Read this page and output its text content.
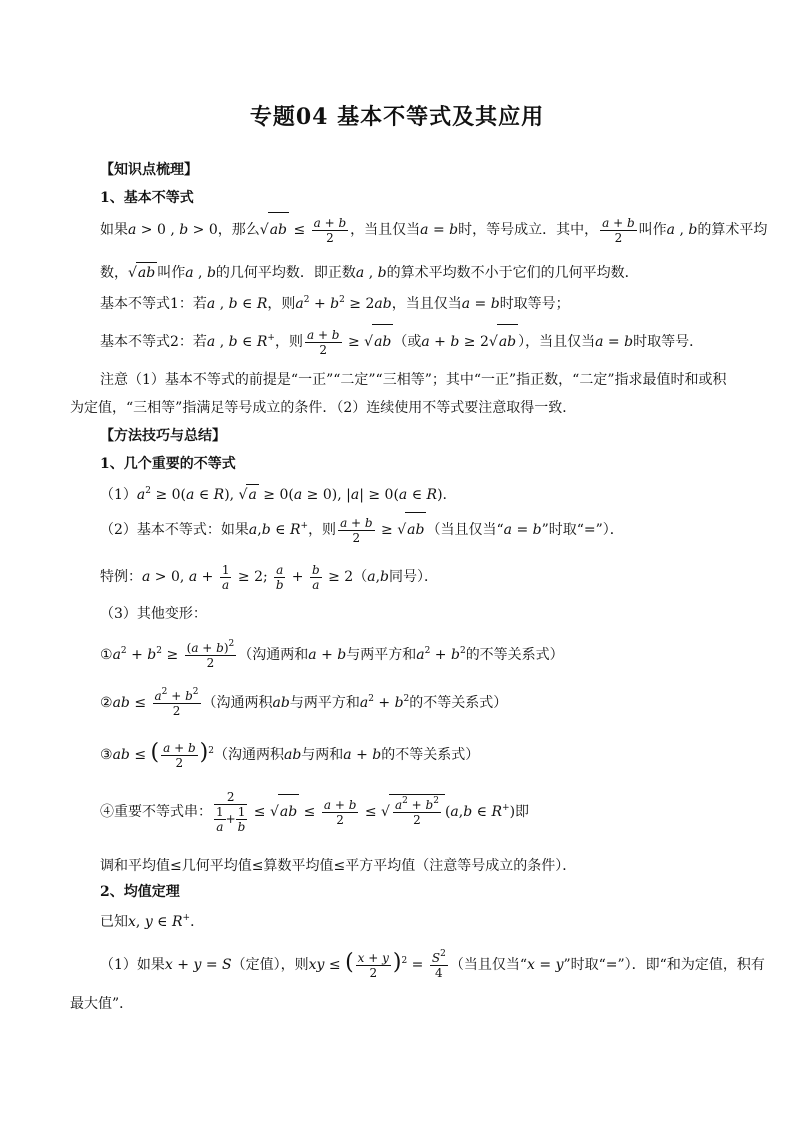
专题04 基本不等式及其应用
【知识点梳理】
1、基本不等式
如果a > 0 , b > 0，那么$√ab \le \frac{a + b}{2}$ ，当且仅当a = b时，等号成立．其中， $\frac{a + b}{2}$ 叫作a , b的算术平均
数，√ab 叫作a , b的几何平均数．即正数a , b的算术平均数不小于它们的几何平均数．
基本不等式1：若a , b ∈ R，则$a^2 + b^2 \ge 2ab$，当且仅当a = b时取等号；
基本不等式2：若a , b ∈ R+，则 $\frac{a + b}{2} \ge √ab$ （或a + b ≥ 2√ab ），当且仅当a = b时取等号．
注意（1）基本不等式的前提是“一正”“二定”“三相等”；其中“一正”指正数，“二定”指求最值时和或积
为定值，“三相等”指满足等号成立的条件．（2）连续使用不等式要注意取得一致．
【方法技巧与总结】
1、几个重要的不等式
$(1)a^2 \ge 0(a$ ∈ R), √a ≥ 0(a ≥ 0), |a| ≥ 0(a ∈ R).
（2）基本不等式：如果a,b ∈ R+，则 $\frac{a + b}{2} \ge √ab$ （当且仅当“a = b”时取“=”）．
特例：a > 0, $a + \frac{1}{a} \ge 2$; $\frac{a}{b} + \frac{b}{a} \ge 2(a,b$同号）．
（3）其他变形：
$①a^2 + b^2 \ge \frac{(a + b)^2}{2}$ （沟通两和a + b与两平方和$a^2 + b^2$的不等关系式）
②ab ≤ $\frac{a^2 + b^2}{2}$ （沟通两积ab与两平方和$a^2 + b^2$的不等关系式）
③ab ≤ ( $\frac{a + b}{2} )^2$（沟通两积ab与两和a + b的不等关系式）
④重要不等式串： $\frac{2}{\frac{1}{a} + \frac{1}{b}} \le √ab \le \frac{a + b}{2}$ ≤ √ $\frac{a^2 + b^2}{2} (a,b$ ∈ R+)即
调和平均值≤几何平均值≤算数平均值≤平方平均值（注意等号成立的条件）．
2、均值定理
已知x, y ∈ R+．
（1）如果x + y = S（定值），则xy ≤ ( $\frac{x + y}{2} )^2 = \frac{S^2}{4}$ （当且仅当“x = y”时取“=”）．即“和为定值，积有
最大值”．
